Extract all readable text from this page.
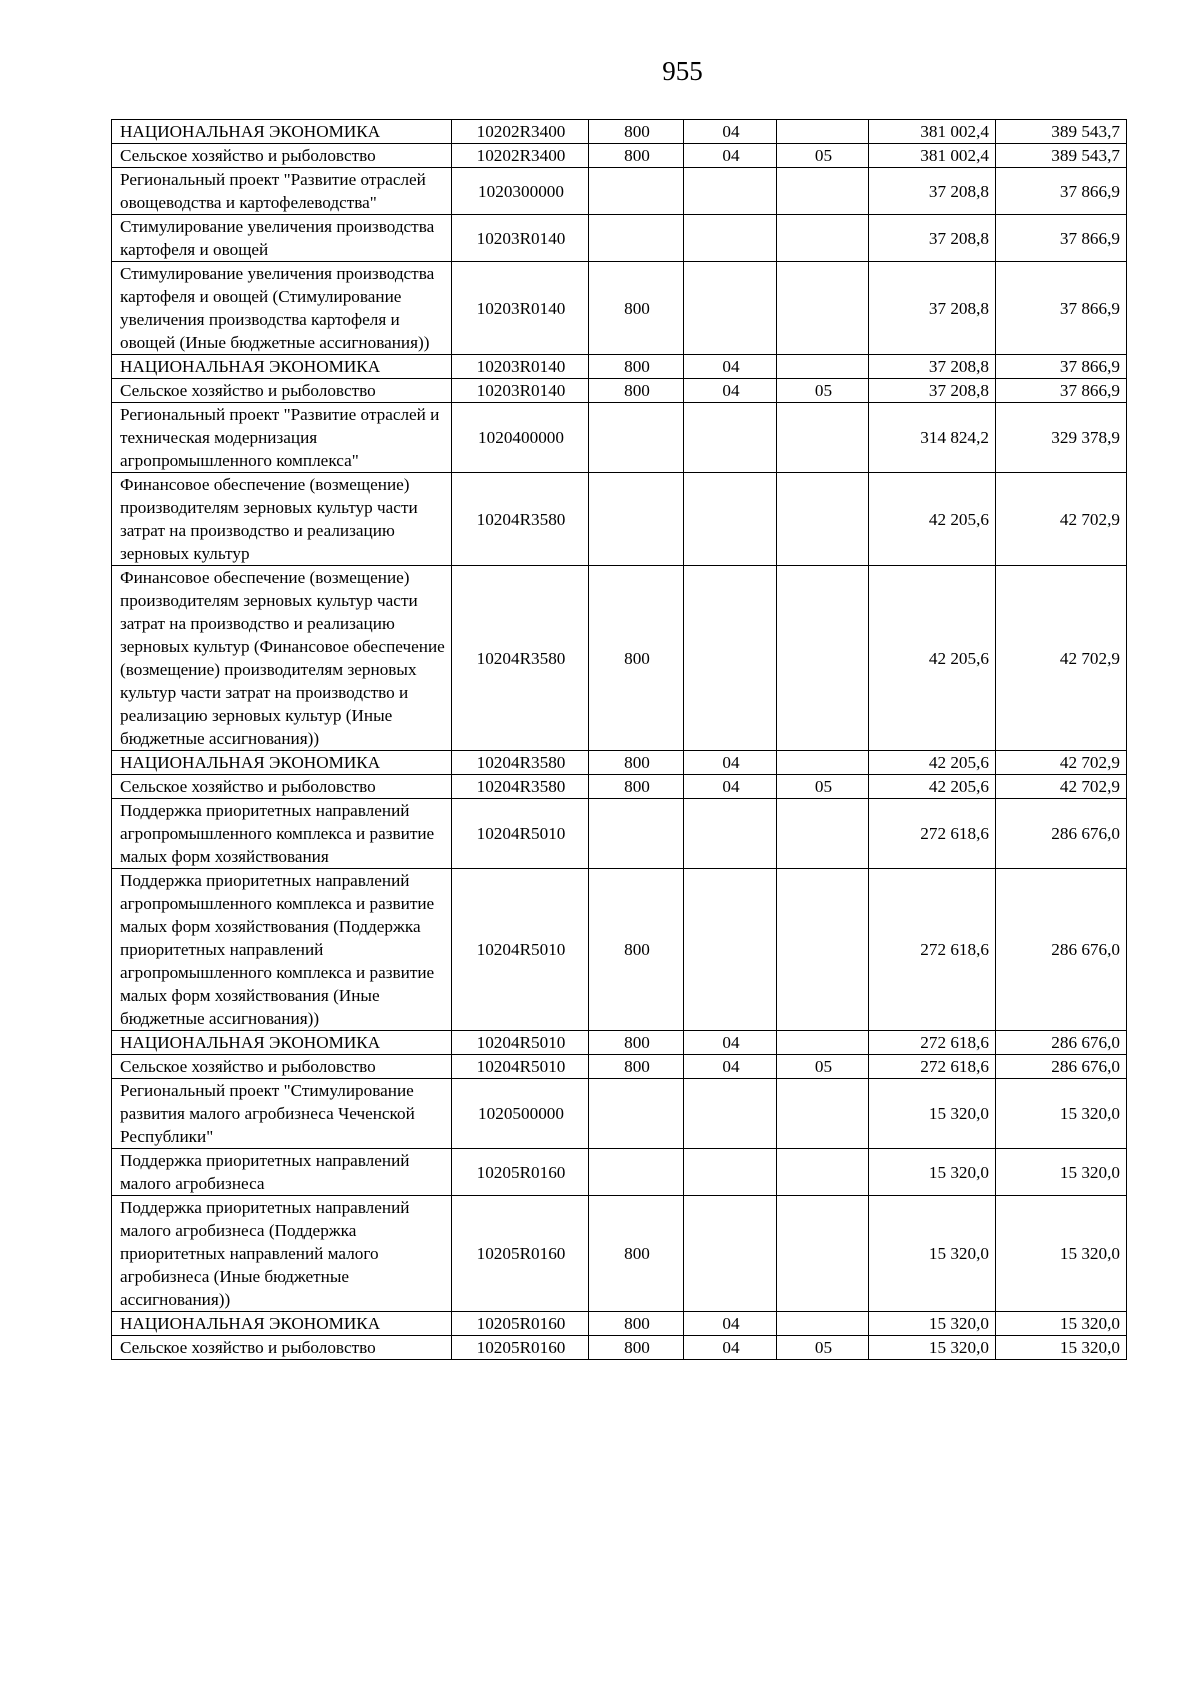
955
НАЦИОНАЛЬНАЯ ЭКОНОМИКА	10202R3400	800	04		381 002,4	389 543,7
Сельское хозяйство и рыболовство	10202R3400	800	04	05	381 002,4	389 543,7
Региональный проект "Развитие отраслей овощеводства и картофелеводства"	1020300000				37 208,8	37 866,9
Стимулирование увеличения производства картофеля и овощей	10203R0140				37 208,8	37 866,9
Стимулирование увеличения производства картофеля и овощей (Стимулирование увеличения производства картофеля и овощей (Иные бюджетные ассигнования))	10203R0140	800			37 208,8	37 866,9
НАЦИОНАЛЬНАЯ ЭКОНОМИКА	10203R0140	800	04		37 208,8	37 866,9
Сельское хозяйство и рыболовство	10203R0140	800	04	05	37 208,8	37 866,9
Региональный проект "Развитие отраслей и техническая модернизация агропромышленного комплекса"	1020400000				314 824,2	329 378,9
Финансовое обеспечение (возмещение) производителям зерновых культур части затрат на производство и реализацию зерновых культур	10204R3580				42 205,6	42 702,9
Финансовое обеспечение (возмещение) производителям зерновых культур части затрат на производство и реализацию зерновых культур (Финансовое обеспечение (возмещение) производителям зерновых культур части затрат на производство и реализацию зерновых культур (Иные бюджетные ассигнования))	10204R3580	800			42 205,6	42 702,9
НАЦИОНАЛЬНАЯ ЭКОНОМИКА	10204R3580	800	04		42 205,6	42 702,9
Сельское хозяйство и рыболовство	10204R3580	800	04	05	42 205,6	42 702,9
Поддержка приоритетных направлений агропромышленного комплекса и развитие малых форм хозяйствования	10204R5010				272 618,6	286 676,0
Поддержка приоритетных направлений агропромышленного комплекса и развитие малых форм хозяйствования (Поддержка приоритетных направлений агропромышленного комплекса и развитие малых форм хозяйствования (Иные бюджетные ассигнования))	10204R5010	800			272 618,6	286 676,0
НАЦИОНАЛЬНАЯ ЭКОНОМИКА	10204R5010	800	04		272 618,6	286 676,0
Сельское хозяйство и рыболовство	10204R5010	800	04	05	272 618,6	286 676,0
Региональный проект "Стимулирование развития малого агробизнеса Чеченской Республики"	1020500000				15 320,0	15 320,0
Поддержка приоритетных направлений малого агробизнеса	10205R0160				15 320,0	15 320,0
Поддержка приоритетных направлений малого агробизнеса (Поддержка приоритетных направлений малого агробизнеса (Иные бюджетные ассигнования))	10205R0160	800			15 320,0	15 320,0
НАЦИОНАЛЬНАЯ ЭКОНОМИКА	10205R0160	800	04		15 320,0	15 320,0
Сельское хозяйство и рыболовство	10205R0160	800	04	05	15 320,0	15 320,0
